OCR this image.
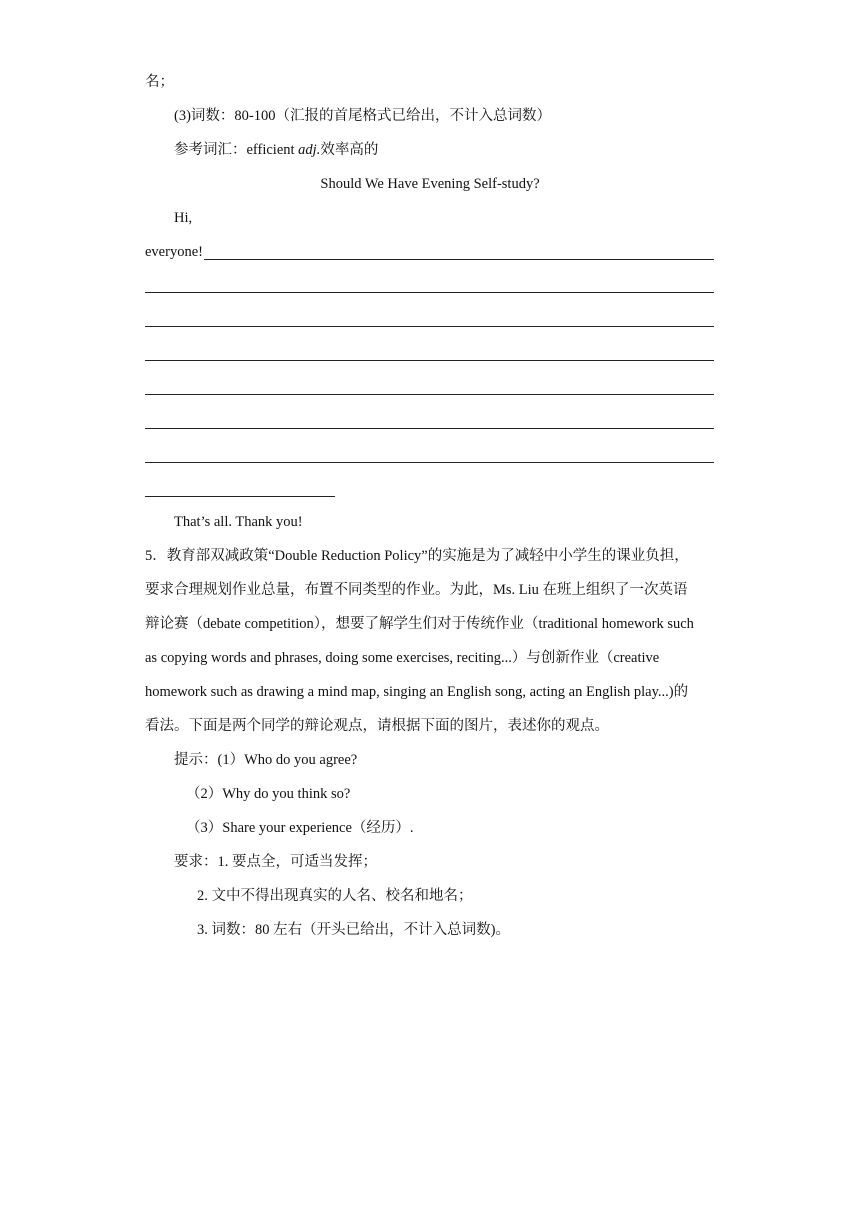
名；
(3)词数：80-100（汇报的首尾格式已给出，不计入总词数）
参考词汇：efficient adj.效率高的
Should We Have Evening Self-study?
Hi,
everyone!
That’s all. Thank you!
5．教育部双减政策“Double Reduction Policy”的实施是为了减轻中小学生的课业负担，
要求合理规划作业总量，布置不同类型的作业。为此，Ms. Liu 在班上组织了一次英语
辩论赛（debate competition），想要了解学生们对于传统作业（traditional homework such
as copying words and phrases, doing some exercises, reciting...）与创新作业（creative
homework such as drawing a mind map, singing an English song, acting an English play...)的
看法。下面是两个同学的辩论观点，请根据下面的图片，表述你的观点。
提示：(1）Who do you agree?
（2）Why do you think so?
（3）Share your experience（经历）.
要求：1. 要点全，可适当发挥；
2. 文中不得出现真实的人名、校名和地名；
3. 词数：80 左右（开头已给出，不计入总词数)。
